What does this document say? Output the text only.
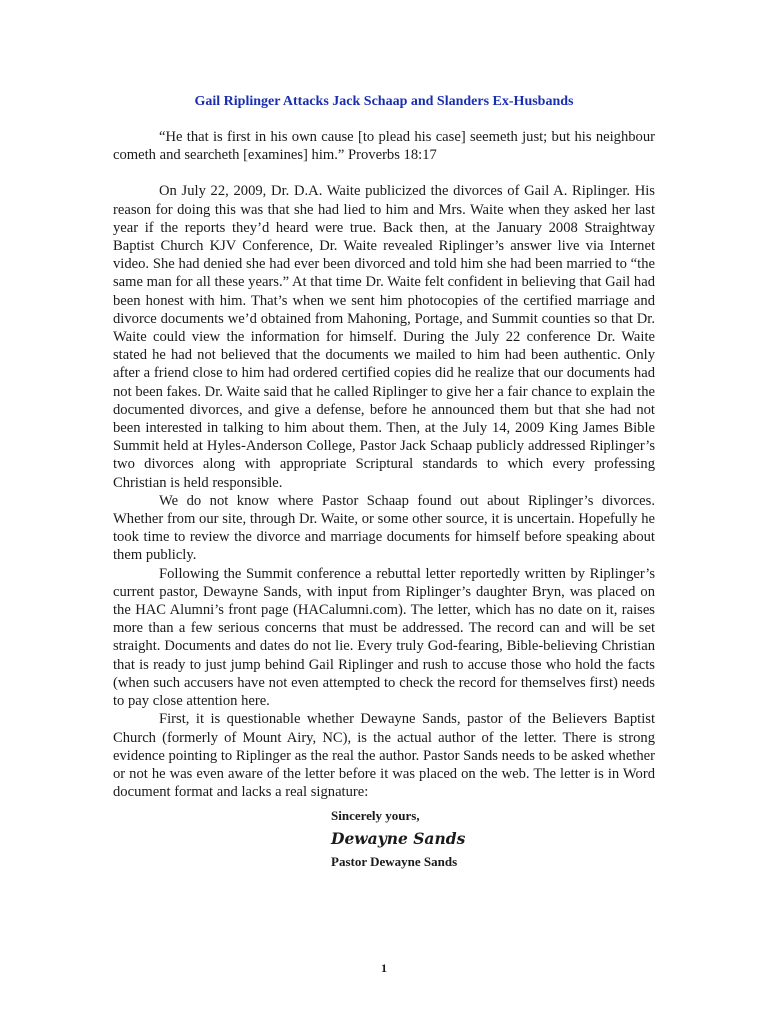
Gail Riplinger Attacks Jack Schaap and Slanders Ex-Husbands

“He that is first in his own cause [to plead his case] seemeth just; but his neighbour cometh and searcheth [examines] him.” Proverbs 18:17

On July 22, 2009, Dr. D.A. Waite publicized the divorces of Gail A. Riplinger. His reason for doing this was that she had lied to him and Mrs. Waite when they asked her last year if the reports they’d heard were true. Back then, at the January 2008 Straightway Baptist Church KJV Conference, Dr. Waite revealed Riplinger’s answer live via Internet video. She had denied she had ever been divorced and told him she had been married to “the same man for all these years.” At that time Dr. Waite felt confident in believing that Gail had been honest with him. That’s when we sent him photocopies of the certified marriage and divorce documents we’d obtained from Mahoning, Portage, and Summit counties so that Dr. Waite could view the information for himself. During the July 22 conference Dr. Waite stated he had not believed that the documents we mailed to him had been authentic. Only after a friend close to him had ordered certified copies did he realize that our documents had not been fakes. Dr. Waite said that he called Riplinger to give her a fair chance to explain the documented divorces, and give a defense, before he announced them but that she had not been interested in talking to him about them. Then, at the July 14, 2009 King James Bible Summit held at Hyles-Anderson College, Pastor Jack Schaap publicly addressed Riplinger’s two divorces along with appropriate Scriptural standards to which every professing Christian is held responsible.

We do not know where Pastor Schaap found out about Riplinger’s divorces. Whether from our site, through Dr. Waite, or some other source, it is uncertain. Hopefully he took time to review the divorce and marriage documents for himself before speaking about them publicly.

Following the Summit conference a rebuttal letter reportedly written by Riplinger’s current pastor, Dewayne Sands, with input from Riplinger’s daughter Bryn, was placed on the HAC Alumni’s front page (HACalumni.com). The letter, which has no date on it, raises more than a few serious concerns that must be addressed. The record can and will be set straight. Documents and dates do not lie. Every truly God-fearing, Bible-believing Christian that is ready to just jump behind Gail Riplinger and rush to accuse those who hold the facts (when such accusers have not even attempted to check the record for themselves first) needs to pay close attention here.

First, it is questionable whether Dewayne Sands, pastor of the Believers Baptist Church (formerly of Mount Airy, NC), is the actual author of the letter. There is strong evidence pointing to Riplinger as the real the author. Pastor Sands needs to be asked whether or not he was even aware of the letter before it was placed on the web. The letter is in Word document format and lacks a real signature:

Sincerely yours,
Dewayne Sands
Pastor Dewayne Sands
1
